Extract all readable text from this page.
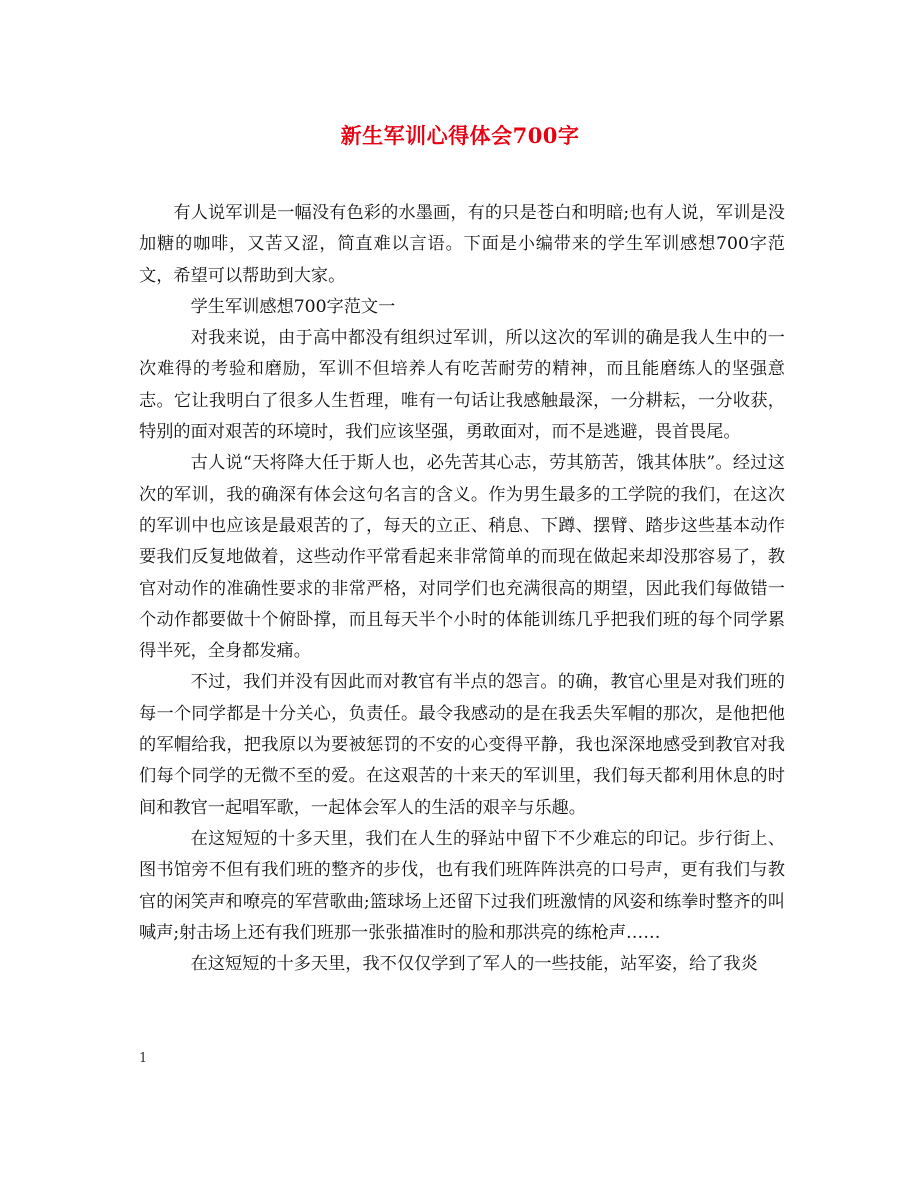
新生军训心得体会700字

有人说军训是一幅没有色彩的水墨画，有的只是苍白和明暗;也有人说，军训是没加糖的咖啡，又苦又涩，简直难以言语。下面是小编带来的学生军训感想700字范文，希望可以帮助到大家。

学生军训感想700字范文一

对我来说，由于高中都没有组织过军训，所以这次的军训的确是我人生中的一次难得的考验和磨励，军训不但培养人有吃苦耐劳的精神，而且能磨练人的坚强意志。它让我明白了很多人生哲理，唯有一句话让我感触最深，一分耕耘，一分收获，特别的面对艰苦的环境时，我们应该坚强，勇敢面对，而不是逃避，畏首畏尾。

古人说“天将降大任于斯人也，必先苦其心志，劳其筋苦，饿其体肤”。经过这次的军训，我的确深有体会这句名言的含义。作为男生最多的工学院的我们，在这次的军训中也应该是最艰苦的了，每天的立正、稍息、下蹲、摆臂、踏步这些基本动作要我们反复地做着，这些动作平常看起来非常简单的而现在做起来却没那容易了，教官对动作的准确性要求的非常严格，对同学们也充满很高的期望，因此我们每做错一个动作都要做十个俯卧撑，而且每天半个小时的体能训练几乎把我们班的每个同学累得半死，全身都发痛。

不过，我们并没有因此而对教官有半点的怨言。的确，教官心里是对我们班的每一个同学都是十分关心，负责任。最令我感动的是在我丢失军帽的那次，是他把他的军帽给我，把我原以为要被惩罚的不安的心变得平静，我也深深地感受到教官对我们每个同学的无微不至的爱。在这艰苦的十来天的军训里，我们每天都利用休息的时间和教官一起唱军歌，一起体会军人的生活的艰辛与乐趣。

在这短短的十多天里，我们在人生的驿站中留下不少难忘的印记。步行街上、图书馆旁不但有我们班的整齐的步伐，也有我们班阵阵洪亮的口号声，更有我们与教官的闲笑声和嘹亮的军营歌曲;篮球场上还留下过我们班激情的风姿和练拳时整齐的叫喊声;射击场上还有我们班那一张张描准时的脸和那洪亮的练枪声……

在这短短的十多天里，我不仅仅学到了军人的一些技能，站军姿，给了我炎

1
